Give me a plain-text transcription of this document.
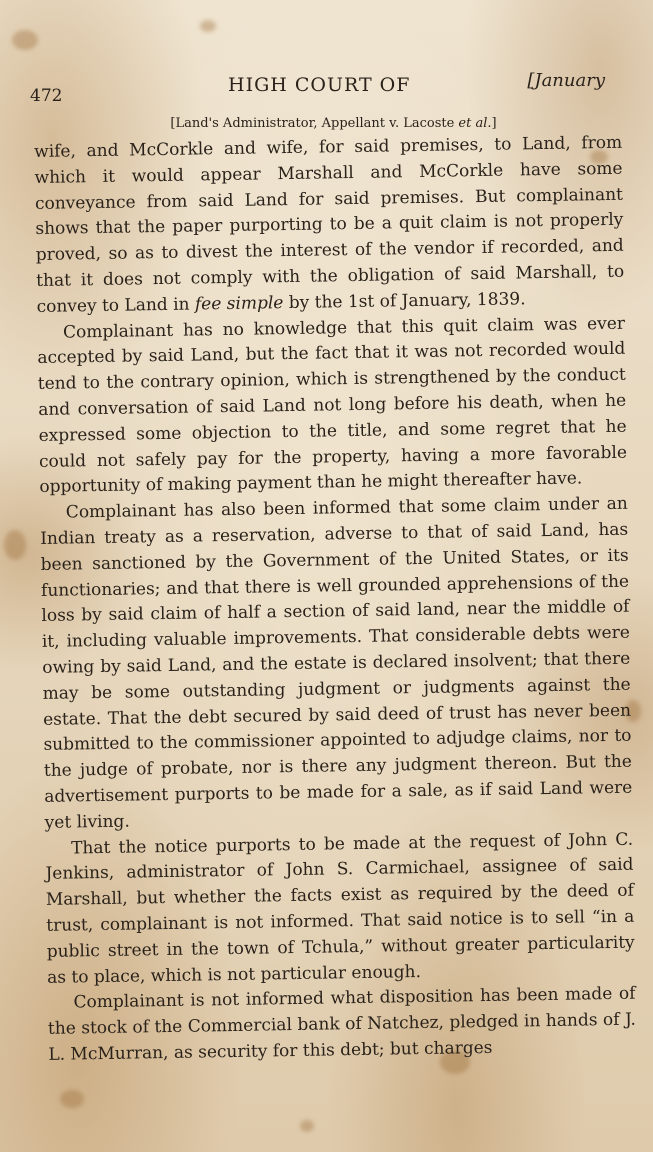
472	HIGH COURT OF	[January
[Land's Administrator, Appellant v. Lacoste et al.]

wife, and McCorkle and wife, for said premises, to Land, from which it would appear Marshall and McCorkle have some conveyance from said Land for said premises. But complainant shows that the paper purporting to be a quit claim is not properly proved, so as to divest the interest of the vendor if recorded, and that it does not comply with the obligation of said Marshall, to convey to Land in fee simple by the 1st of January, 1839.

Complainant has no knowledge that this quit claim was ever accepted by said Land, but the fact that it was not recorded would tend to the contrary opinion, which is strengthened by the conduct and conversation of said Land not long before his death, when he expressed some objection to the title, and some regret that he could not safely pay for the property, having a more favorable opportunity of making payment than he might thereafter have.

Complainant has also been informed that some claim under an Indian treaty as a reservation, adverse to that of said Land, has been sanctioned by the Government of the United States, or its functionaries; and that there is well grounded apprehensions of the loss by said claim of half a section of said land, near the middle of it, including valuable improvements. That considerable debts were owing by said Land, and the estate is declared insolvent; that there may be some outstanding judgment or judgments against the estate. That the debt secured by said deed of trust has never been submitted to the commissioner appointed to adjudge claims, nor to the judge of probate, nor is there any judgment thereon. But the advertisement purports to be made for a sale, as if said Land were yet living.

That the notice purports to be made at the request of John C. Jenkins, administrator of John S. Carmichael, assignee of said Marshall, but whether the facts exist as required by the deed of trust, complainant is not informed. That said notice is to sell “in a public street in the town of Tchula,” without greater particularity as to place, which is not particular enough.

Complainant is not informed what disposition has been made of the stock of the Commercial bank of Natchez, pledged in hands of J. L. McMurran, as security for this debt; but charges
